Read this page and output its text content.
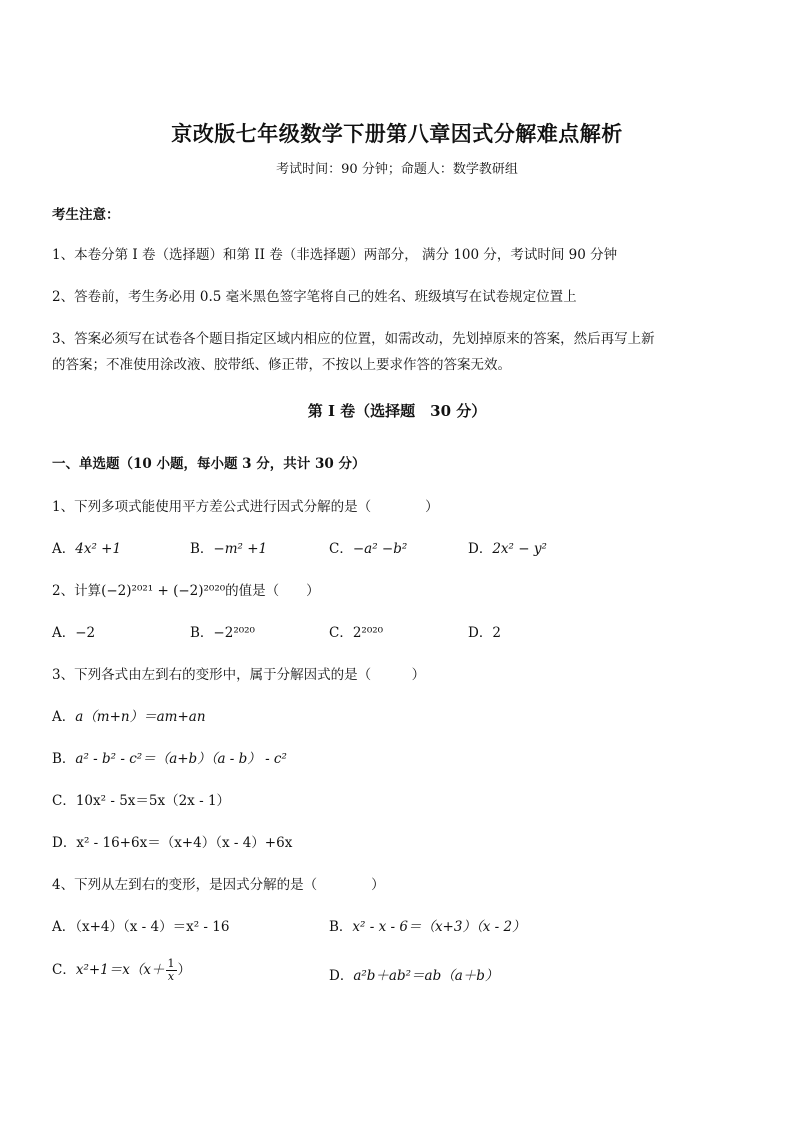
京改版七年级数学下册第八章因式分解难点解析
考试时间：90 分钟；命题人：数学教研组
考生注意：
1、本卷分第 I 卷（选择题）和第 II 卷（非选择题）两部分， 满分 100 分，考试时间 90 分钟
2、答卷前，考生务必用 0.5 毫米黑色签字笔将自己的姓名、班级填写在试卷规定位置上
3、答案必须写在试卷各个题目指定区域内相应的位置，如需改动，先划掉原来的答案，然后再写上新
的答案；不准使用涂改液、胶带纸、修正带，不按以上要求作答的答案无效。
第 I 卷（选择题　30 分）
一、单选题（10 小题，每小题 3 分，共计 30 分）
1、下列多项式能使用平方差公式进行因式分解的是（　　　　）
A．4x² +1	B．−m² +1	C．−a² −b²	D．2x² − y²
2、计算(−2)²⁰²¹ + (−2)²⁰²⁰的值是（　　）
A．−2	B．−2²⁰²⁰	C．2²⁰²⁰	D．2
3、下列各式由左到右的变形中，属于分解因式的是（　　　）
A．a（m+n）＝am+an
B．a² - b² - c²＝（a+b）（a - b） - c²
C．10x² - 5x＝5x（2x - 1）
D．x² - 16+6x＝（x+4）（x - 4）+6x
4、下列从左到右的变形，是因式分解的是（　　　　）
A．（x+4）（x - 4）＝x² - 16	B．x² - x - 6＝（x+3）（x - 2）
C．$x^2+1=x(x+ \frac{1}{x}$ ）	D．a²b＋ab²＝ab（a＋b）
